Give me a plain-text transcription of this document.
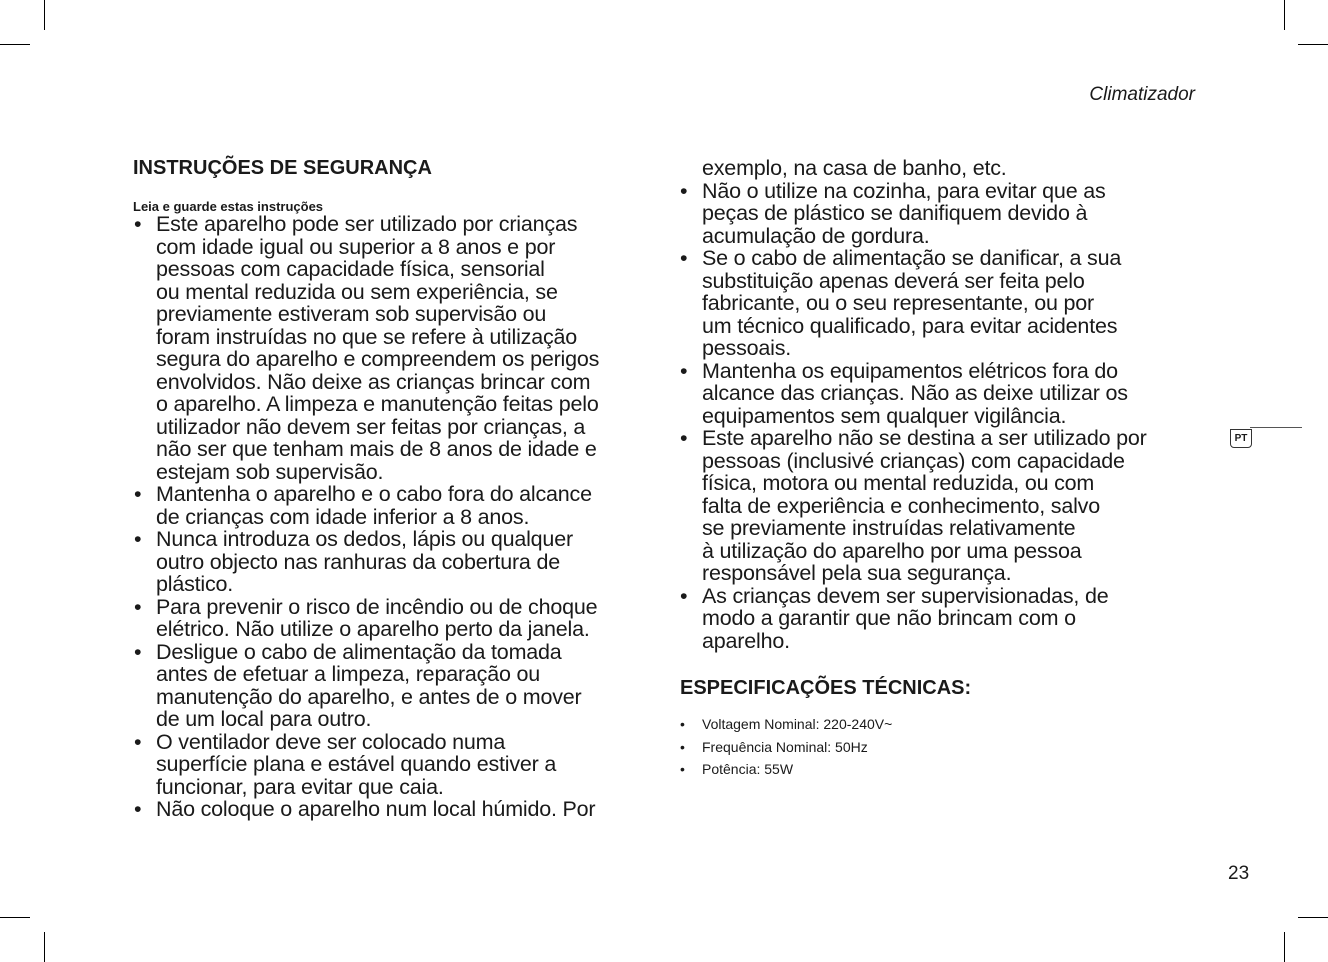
Climatizador
INSTRUÇÕES DE SEGURANÇA
Leia e guarde estas instruções
• Este aparelho pode ser utilizado por crianças
com idade igual ou superior a 8 anos e por
pessoas com capacidade física, sensorial
ou mental reduzida ou sem experiência, se
previamente estiveram sob supervisão ou
foram instruídas no que se refere à utilização
segura do aparelho e compreendem os perigos
envolvidos. Não deixe as crianças brincar com
o aparelho. A limpeza e manutenção feitas pelo
utilizador não devem ser feitas por crianças, a
não ser que tenham mais de 8 anos de idade e
estejam sob supervisão.
• Mantenha o aparelho e o cabo fora do alcance
de crianças com idade inferior a 8 anos.
• Nunca introduza os dedos, lápis ou qualquer
outro objecto nas ranhuras da cobertura de
plástico.
• Para prevenir o risco de incêndio ou de choque
elétrico. Não utilize o aparelho perto da janela.
• Desligue o cabo de alimentação da tomada
antes de efetuar a limpeza, reparação ou
manutenção do aparelho, e antes de o mover
de um local para outro.
• O ventilador deve ser colocado numa
superfície plana e estável quando estiver a
funcionar, para evitar que caia.
• Não coloque o aparelho num local húmido. Por
exemplo, na casa de banho, etc.
• Não o utilize na cozinha, para evitar que as
peças de plástico se danifiquem devido à
acumulação de gordura.
• Se o cabo de alimentação se danificar, a sua
substituição apenas deverá ser feita pelo
fabricante, ou o seu representante, ou por
um técnico qualificado, para evitar acidentes
pessoais.
• Mantenha os equipamentos elétricos fora do
alcance das crianças. Não as deixe utilizar os
equipamentos sem qualquer vigilância.
• Este aparelho não se destina a ser utilizado por
pessoas (inclusivé crianças) com capacidade
física, motora ou mental reduzida, ou com
falta de experiência e conhecimento, salvo
se previamente instruídas relativamente
à utilização do aparelho por uma pessoa
responsável pela sua segurança.
• As crianças devem ser supervisionadas, de
modo a garantir que não brincam com o
aparelho.
ESPECIFICAÇÕES TÉCNICAS:
• Voltagem Nominal: 220-240V~
• Frequência Nominal: 50Hz
• Potência: 55W
PT
23
